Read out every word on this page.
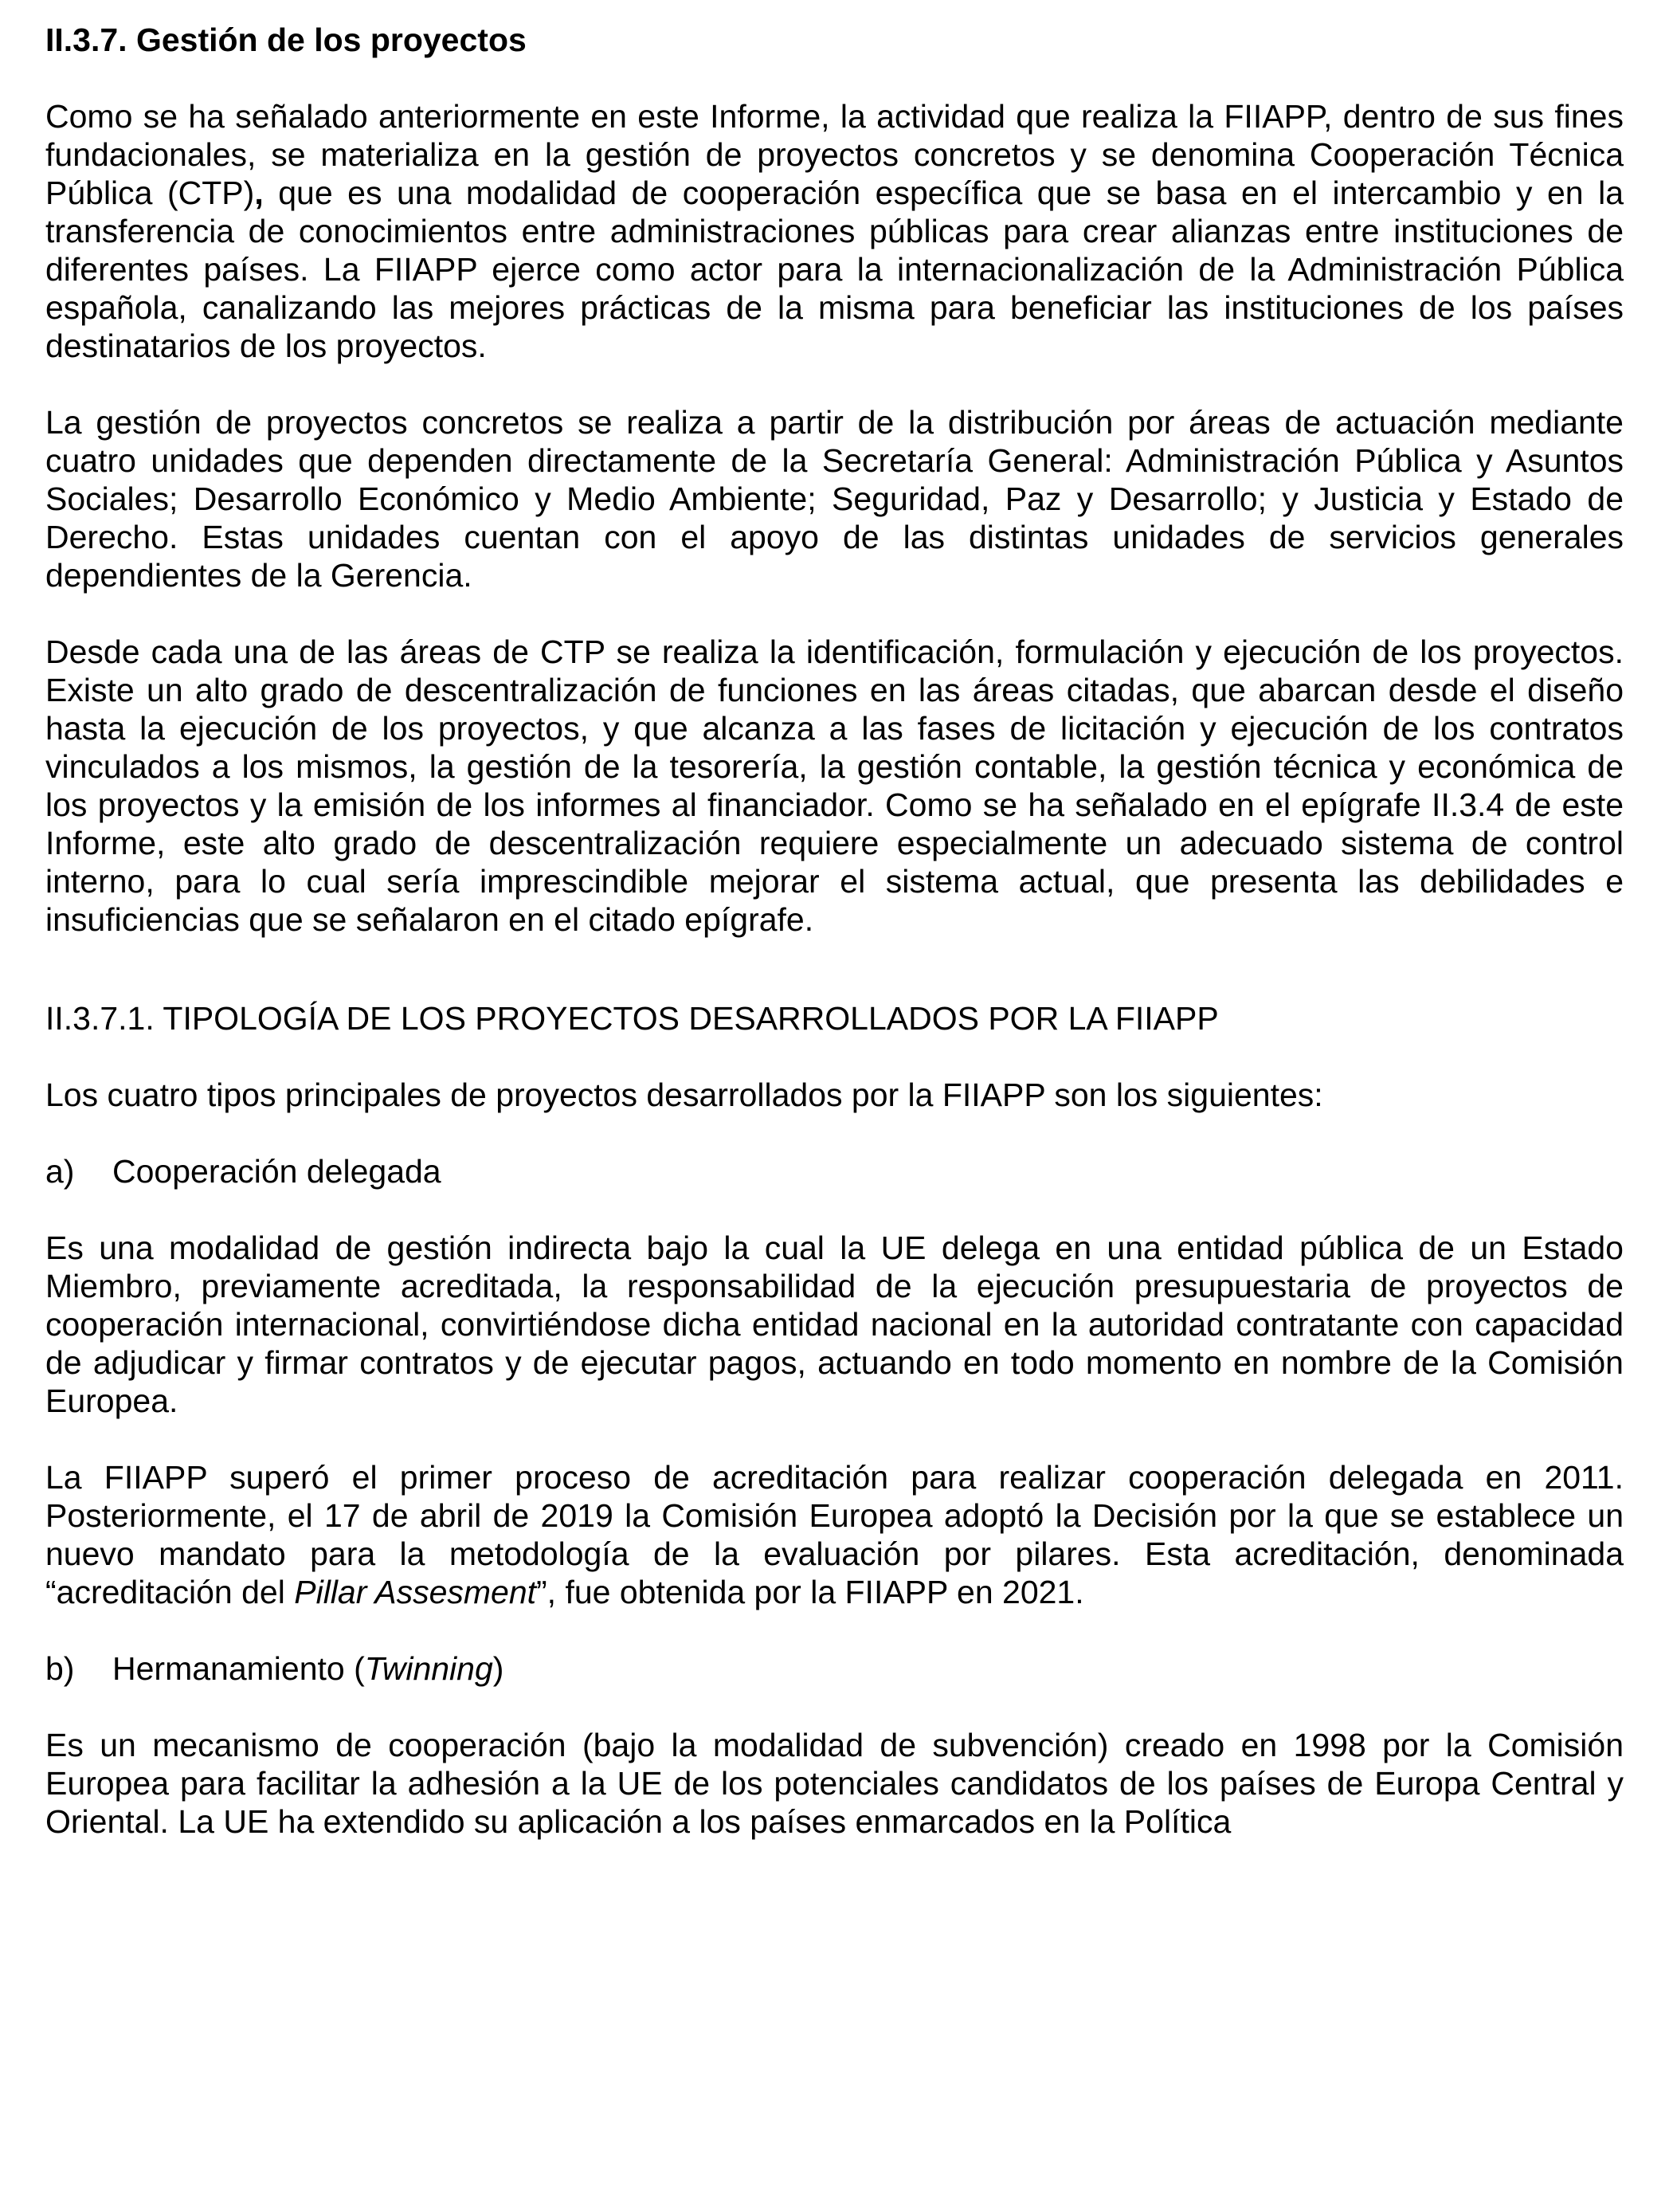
II.3.7. Gestión de los proyectos

Como se ha señalado anteriormente en este Informe, la actividad que realiza la FIIAPP, dentro de sus fines fundacionales, se materializa en la gestión de proyectos concretos y se denomina Cooperación Técnica Pública (CTP), que es una modalidad de cooperación específica que se basa en el intercambio y en la transferencia de conocimientos entre administraciones públicas para crear alianzas entre instituciones de diferentes países. La FIIAPP ejerce como actor para la internacionalización de la Administración Pública española, canalizando las mejores prácticas de la misma para beneficiar las instituciones de los países destinatarios de los proyectos.

La gestión de proyectos concretos se realiza a partir de la distribución por áreas de actuación mediante cuatro unidades que dependen directamente de la Secretaría General: Administración Pública y Asuntos Sociales; Desarrollo Económico y Medio Ambiente; Seguridad, Paz y Desarrollo; y Justicia y Estado de Derecho. Estas unidades cuentan con el apoyo de las distintas unidades de servicios generales dependientes de la Gerencia.

Desde cada una de las áreas de CTP se realiza la identificación, formulación y ejecución de los proyectos. Existe un alto grado de descentralización de funciones en las áreas citadas, que abarcan desde el diseño hasta la ejecución de los proyectos, y que alcanza a las fases de licitación y ejecución de los contratos vinculados a los mismos, la gestión de la tesorería, la gestión contable, la gestión técnica y económica de los proyectos y la emisión de los informes al financiador. Como se ha señalado en el epígrafe II.3.4 de este Informe, este alto grado de descentralización requiere especialmente un adecuado sistema de control interno, para lo cual sería imprescindible mejorar el sistema actual, que presenta las debilidades e insuficiencias que se señalaron en el citado epígrafe.

II.3.7.1. TIPOLOGÍA DE LOS PROYECTOS DESARROLLADOS POR LA FIIAPP

Los cuatro tipos principales de proyectos desarrollados por la FIIAPP son los siguientes:

a)	Cooperación delegada

Es una modalidad de gestión indirecta bajo la cual la UE delega en una entidad pública de un Estado Miembro, previamente acreditada, la responsabilidad de la ejecución presupuestaria de proyectos de cooperación internacional, convirtiéndose dicha entidad nacional en la autoridad contratante con capacidad de adjudicar y firmar contratos y de ejecutar pagos, actuando en todo momento en nombre de la Comisión Europea.

La FIIAPP superó el primer proceso de acreditación para realizar cooperación delegada en 2011. Posteriormente, el 17 de abril de 2019 la Comisión Europea adoptó la Decisión por la que se establece un nuevo mandato para la metodología de la evaluación por pilares. Esta acreditación, denominada “acreditación del Pillar Assesment”, fue obtenida por la FIIAPP en 2021.

b)	Hermanamiento (Twinning)

Es un mecanismo de cooperación (bajo la modalidad de subvención) creado en 1998 por la Comisión Europea para facilitar la adhesión a la UE de los potenciales candidatos de los países de Europa Central y Oriental. La UE ha extendido su aplicación a los países enmarcados en la Política
